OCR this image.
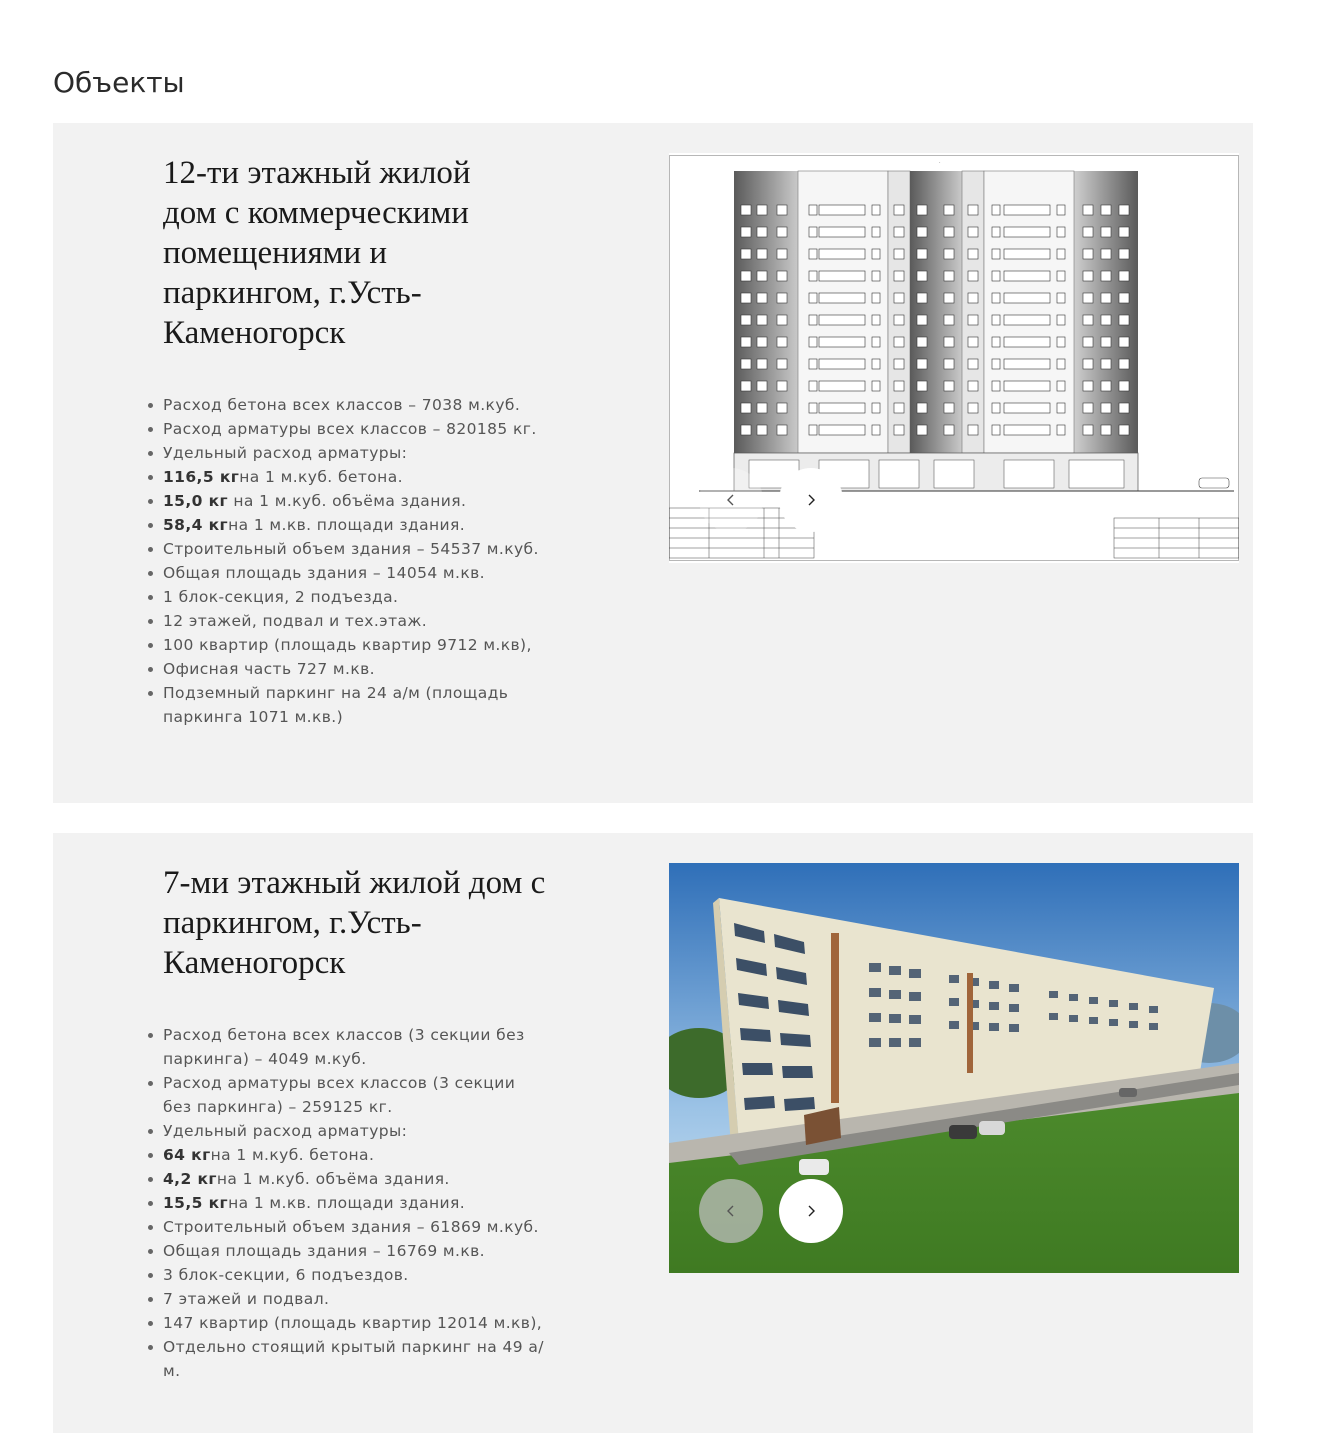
Объекты
12-ти этажный жилой дом с коммерческими помещениями и паркингом, г.Усть-Каменогорск
Расход бетона всех классов – 7038 м.куб.
Расход арматуры всех классов – 820185 кг.
Удельный расход арматуры:
116,5 кгна 1 м.куб. бетона.
15,0 кг на 1 м.куб. объёма здания.
58,4 кгна 1 м.кв. площади здания.
Строительный объем здания – 54537 м.куб.
Общая площадь здания – 14054 м.кв.
1 блок-секция, 2 подъезда.
12 этажей, подвал и тех.этаж.
100 квартир (площадь квартир 9712 м.кв),
Офисная часть 727 м.кв.
Подземный паркинг на 24 а/м (площадь паркинга 1071 м.кв.)
.
7-ми этажный жилой дом с паркингом, г.Усть-Каменогорск
Расход бетона всех классов (3 секции без паркинга) – 4049 м.куб.
Расход арматуры всех классов (3 секции без паркинга) – 259125 кг.
Удельный расход арматуры:
64 кгна 1 м.куб. бетона.
4,2 кгна 1 м.куб. объёма здания.
15,5 кгна 1 м.кв. площади здания.
Строительный объем здания – 61869 м.куб.
Общая площадь здания – 16769 м.кв.
3 блок-секции, 6 подъездов.
7 этажей и подвал.
147 квартир (площадь квартир 12014 м.кв),
Отдельно стоящий крытый паркинг на 49 а/м.
